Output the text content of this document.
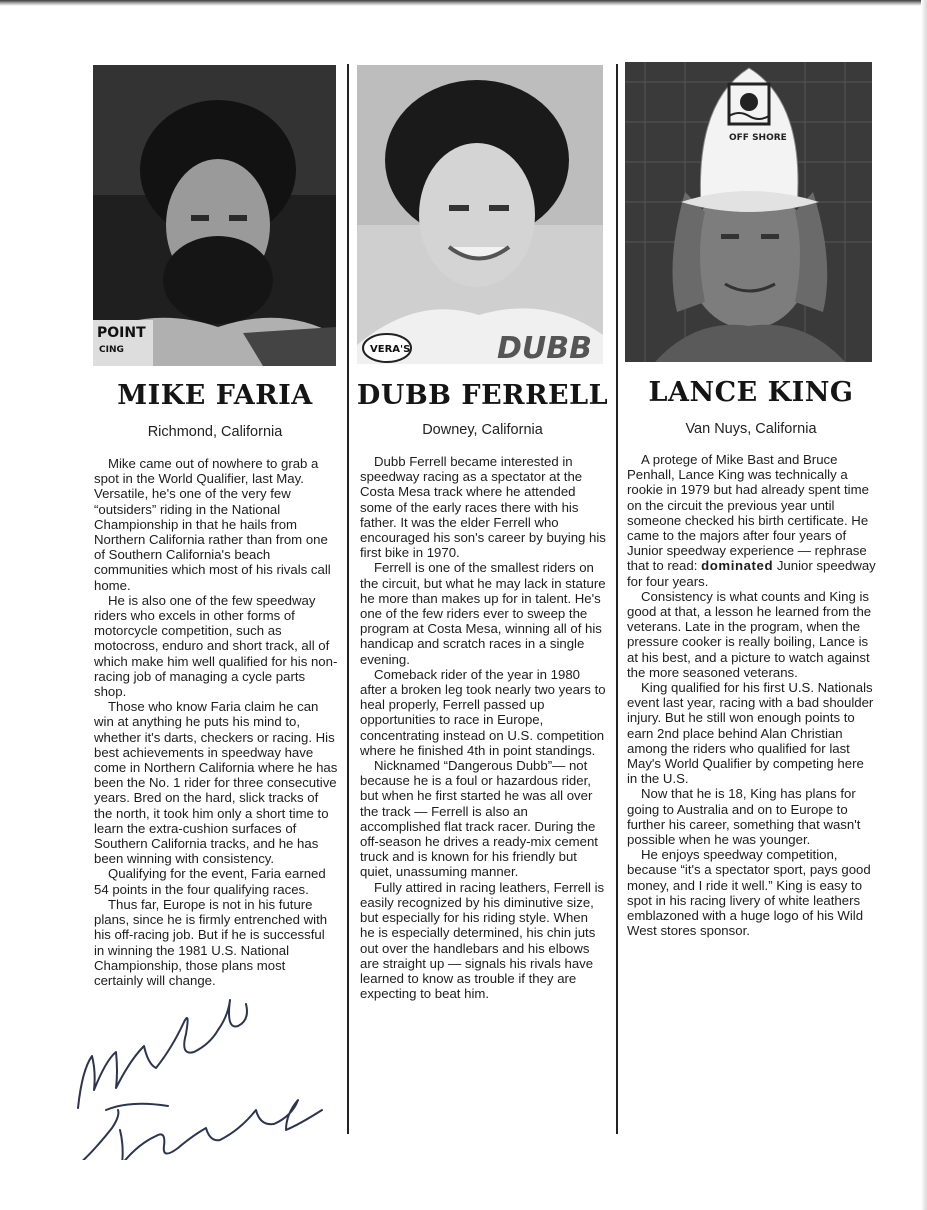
POINT
CING
MIKE FARIA
Richmond, California

Mike came out of nowhere to grab a spot in the World Qualifier, last May. Versatile, he's one of the very few “outsiders” riding in the National Championship in that he hails from Northern California rather than from one of Southern California's beach communities which most of his rivals call home.

He is also one of the few speedway riders who excels in other forms of motorcycle competition, such as motocross, enduro and short track, all of which make him well qualified for his non-racing job of managing a cycle parts shop.

Those who know Faria claim he can win at anything he puts his mind to, whether it's darts, checkers or racing. His best achievements in speedway have come in Northern California where he has been the No. 1 rider for three consecutive years. Bred on the hard, slick tracks of the north, it took him only a short time to learn the extra-cushion surfaces of Southern California tracks, and he has been winning with consistency.

Qualifying for the event, Faria earned 54 points in the four qualifying races.

Thus far, Europe is not in his future plans, since he is firmly entrenched with his off-racing job. But if he is successful in winning the 1981 U.S. National Championship, those plans most certainly will change.

VERA'S	DUBB
DUBB FERRELL
Downey, California

Dubb Ferrell became interested in speedway racing as a spectator at the Costa Mesa track where he attended some of the early races there with his father. It was the elder Ferrell who encouraged his son's career by buying his first bike in 1970.

Ferrell is one of the smallest riders on the circuit, but what he may lack in stature he more than makes up for in talent. He's one of the few riders ever to sweep the program at Costa Mesa, winning all of his handicap and scratch races in a single evening.

Comeback rider of the year in 1980 after a broken leg took nearly two years to heal properly, Ferrell passed up opportunities to race in Europe, concentrating instead on U.S. competition where he finished 4th in point standings.

Nicknamed “Dangerous Dubb”— not because he is a foul or hazardous rider, but when he first started he was all over the track — Ferrell is also an accomplished flat track racer. During the off-season he drives a ready-mix cement truck and is known for his friendly but quiet, unassuming manner.

Fully attired in racing leathers, Ferrell is easily recognized by his diminutive size, but especially for his riding style. When he is especially determined, his chin juts out over the handlebars and his elbows are straight up — signals his rivals have learned to know as trouble if they are expecting to beat him.

OFF SHORE
LANCE KING
Van Nuys, California

A protege of Mike Bast and Bruce Penhall, Lance King was technically a rookie in 1979 but had already spent time on the circuit the previous year until someone checked his birth certificate. He came to the majors after four years of Junior speedway experience — rephrase that to read: dominated Junior speedway for four years.

Consistency is what counts and King is good at that, a lesson he learned from the veterans. Late in the program, when the pressure cooker is really boiling, Lance is at his best, and a picture to watch against the more seasoned veterans.

King qualified for his first U.S. Nationals event last year, racing with a bad shoulder injury. But he still won enough points to earn 2nd place behind Alan Christian among the riders who qualified for last May's World Qualifier by competing here in the U.S.

Now that he is 18, King has plans for going to Australia and on to Europe to further his career, something that wasn't possible when he was younger.

He enjoys speedway competition, because “it's a spectator sport, pays good money, and I ride it well.” King is easy to spot in his racing livery of white leathers emblazoned with a huge logo of his Wild West stores sponsor.
